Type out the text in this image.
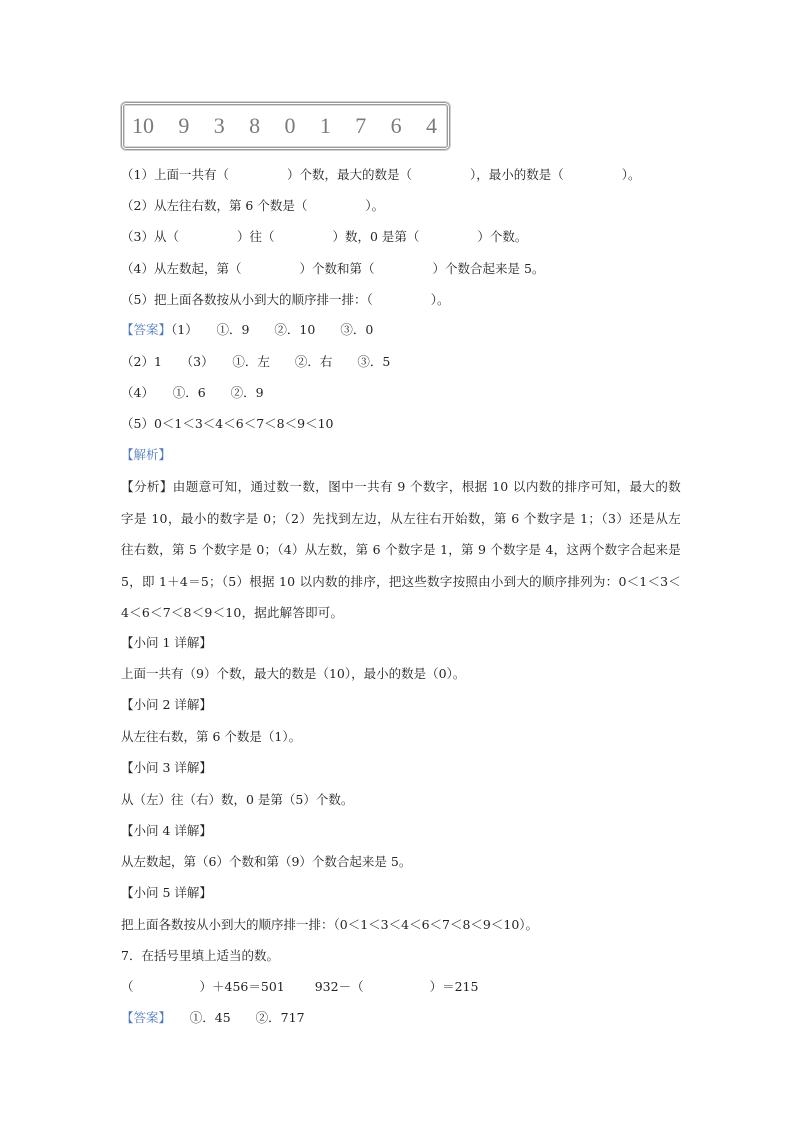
10 9 3 8 0 1 7 6 4
（1）上面一共有（	）个数，最大的数是（	），最小的数是（	）。
（2）从左往右数，第 6 个数是（	）。
（3）从（	）往（	）数，0 是第（	）个数。
（4）从左数起，第（	）个数和第（	）个数合起来是 5。
（5）把上面各数按从小到大的顺序排一排：（	）。
【答案】（1）　　①．9　　②．10　　③．0
（2）1　　（3）　　①．左　　②．右　　③．5
（4）　　①．6　　②．9
（5）0＜1＜3＜4＜6＜7＜8＜9＜10
【解析】
【分析】由题意可知，通过数一数，图中一共有 9 个数字，根据 10 以内数的排序可知，最大的数字是 10，最小的数字是 0；（2）先找到左边，从左往右开始数，第 6 个数字是 1；（3）还是从左往右数，第 5 个数字是 0；（4）从左数，第 6 个数字是 1，第 9 个数字是 4，这两个数字合起来是 5，即 1＋4＝5；（5）根据 10 以内数的排序，把这些数字按照由小到大的顺序排列为：0＜1＜3＜4＜6＜7＜8＜9＜10，据此解答即可。
【小问 1 详解】
上面一共有（9）个数，最大的数是（10），最小的数是（0）。
【小问 2 详解】
从左往右数，第 6 个数是（1）。
【小问 3 详解】
从（左）往（右）数，0 是第（5）个数。
【小问 4 详解】
从左数起，第（6）个数和第（9）个数合起来是 5。
【小问 5 详解】
把上面各数按从小到大的顺序排一排：（0＜1＜3＜4＜6＜7＜8＜9＜10）。
7．在括号里填上适当的数。
（	）＋456＝501 932－（	）＝215
【答案】　　①．45　　②．717
